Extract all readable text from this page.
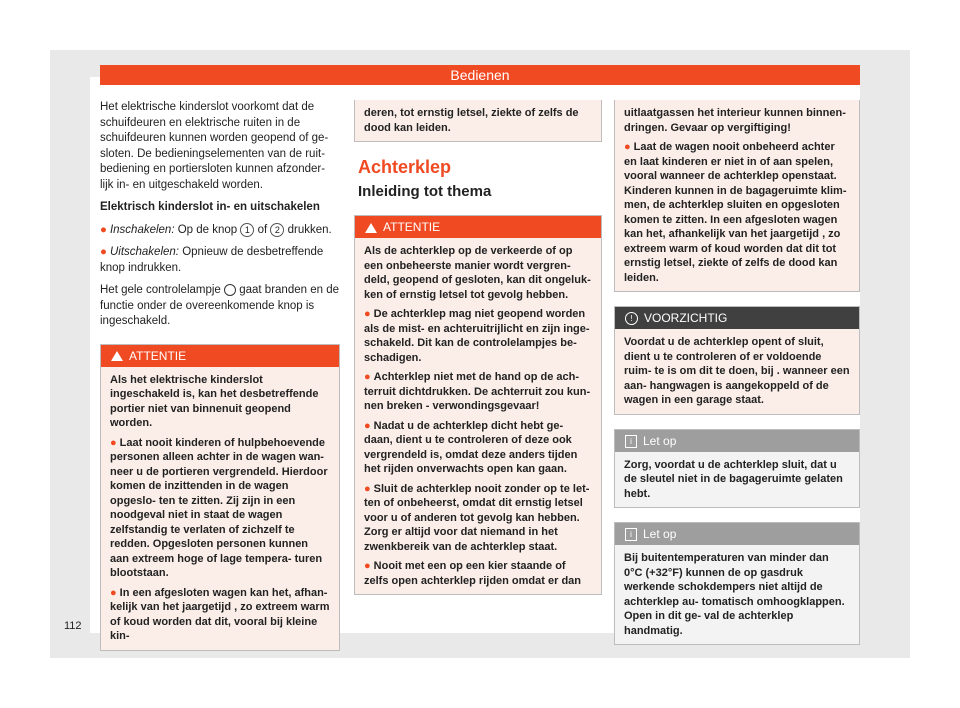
Bedienen

Het elektrische kinderslot voorkomt dat de schuifdeuren en elektrische ruiten in de schuifdeuren kunnen worden geopend of ge- sloten. De bedieningselementen van de ruit- bediening en portiersloten kunnen afzonder- lijk in- en uitgeschakeld worden.

Elektrisch kinderslot in- en uitschakelen

● Inschakelen: Op de knop 1 of 2 drukken.

● Uitschakelen: Opnieuw de desbetreffende knop indrukken.

Het gele controlelampje gaat branden en de functie onder de overeenkomende knop is ingeschakeld.

ATTENTIE

Als het elektrische kinderslot ingeschakeld is, kan het desbetreffende portier niet van binnenuit geopend worden.

● Laat nooit kinderen of hulpbehoevende personen alleen achter in de wagen wan- neer u de portieren vergrendeld. Hierdoor komen de inzittenden in de wagen opgeslo- ten te zitten. Zij zijn in een noodgeval niet in staat de wagen zelfstandig te verlaten of zichzelf te redden. Opgesloten personen kunnen aan extreem hoge of lage tempera- turen blootstaan.

● In een afgesloten wagen kan het, afhan- kelijk van het jaargetijd , zo extreem warm of koud worden dat dit, vooral bij kleine kin-

deren, tot ernstig letsel, ziekte of zelfs de dood kan leiden.

Achterklep
Inleiding tot thema
ATTENTIE

Als de achterklep op de verkeerde of op een onbeheerste manier wordt vergren- deld, geopend of gesloten, kan dit ongeluk- ken of ernstig letsel tot gevolg hebben.

● De achterklep mag niet geopend worden als de mist- en achteruitrijlicht en zijn inge- schakeld. Dit kan de controlelampjes be- schadigen.

● Achterklep niet met de hand op de ach- terruit dichtdrukken. De achterruit zou kun- nen breken - verwondingsgevaar!

● Nadat u de achterklep dicht hebt ge- daan, dient u te controleren of deze ook vergrendeld is, omdat deze anders tijden het rijden onverwachts open kan gaan.

● Sluit de achterklep nooit zonder op te let- ten of onbeheerst, omdat dit ernstig letsel voor u of anderen tot gevolg kan hebben. Zorg er altijd voor dat niemand in het zwenkbereik van de achterklep staat.

● Nooit met een op een kier staande of zelfs open achterklep rijden omdat er dan

uitlaatgassen het interieur kunnen binnen- dringen. Gevaar op vergiftiging!

● Laat de wagen nooit onbeheerd achter en laat kinderen er niet in of aan spelen, vooral wanneer de achterklep openstaat. Kinderen kunnen in de bagageruimte klim- men, de achterklep sluiten en opgesloten komen te zitten. In een afgesloten wagen kan het, afhankelijk van het jaargetijd , zo extreem warm of koud worden dat dit tot ernstig letsel, ziekte of zelfs de dood kan leiden.

! VOORZICHTIG

Voordat u de achterklep opent of sluit, dient u te controleren of er voldoende ruim- te is om dit te doen, bij . wanneer een aan- hangwagen is aangekoppeld of de wagen in een garage staat.

i Let op

Zorg, voordat u de achterklep sluit, dat u de sleutel niet in de bagageruimte gelaten hebt.

i Let op

Bij buitentemperaturen van minder dan 0°C (+32°F) kunnen de op gasdruk werkende schokdempers niet altijd de achterklep au- tomatisch omhoogklappen. Open in dit ge- val de achterklep handmatig.

112
